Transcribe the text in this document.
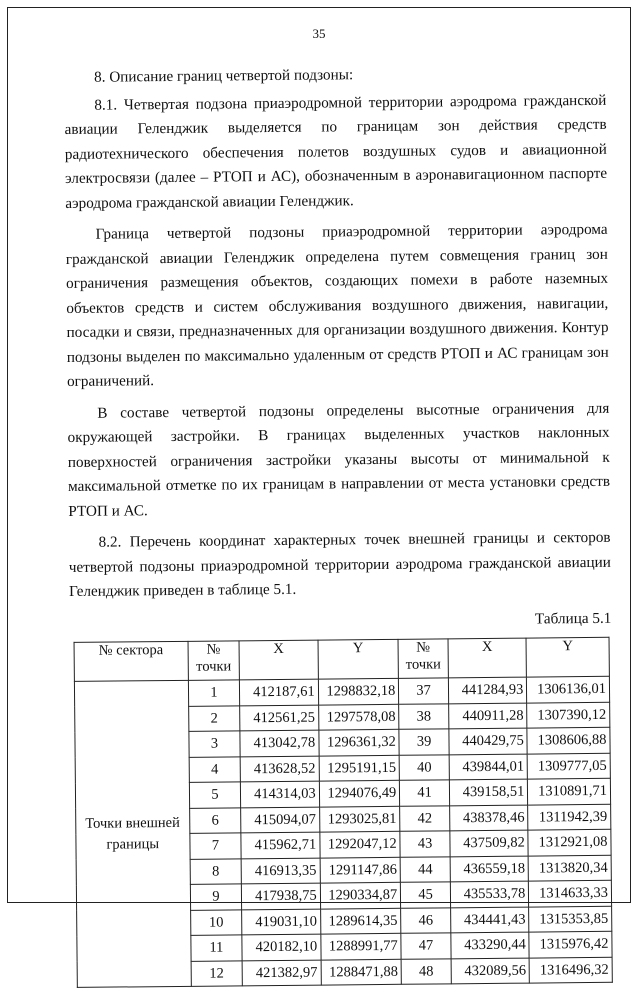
35

8. Описание границ четвертой подзоны:

8.1. Четвертая подзона приаэродромной территории аэродрома гражданской авиации Геленджик выделяется по границам зон действия средств радиотехнического обеспечения полетов воздушных судов и авиационной электросвязи (далее – РТОП и АС), обозначенным в аэронавигационном паспорте аэродрома гражданской авиации Геленджик.

Граница четвертой подзоны приаэродромной территории аэродрома гражданской авиации Геленджик определена путем совмещения границ зон ограничения размещения объектов, создающих помехи в работе наземных объектов средств и систем обслуживания воздушного движения, навигации, посадки и связи, предназначенных для организации воздушного движения. Контур подзоны выделен по максимально удаленным от средств РТОП и АС границам зон ограничений.

В составе четвертой подзоны определены высотные ограничения для окружающей застройки. В границах выделенных участков наклонных поверхностей ограничения застройки указаны высоты от минимальной к максимальной отметке по их границам в направлении от места установки средств РТОП и АС.

8.2. Перечень координат характерных точек внешней границы и секторов четвертой подзоны приаэродромной территории аэродрома гражданской авиации Геленджик приведен в таблице 5.1.

Таблица 5.1
№ сектора	№ точки	X	Y	№ точки	X	Y
Точки внешней границы	1	412187,61	1298832,18	37	441284,93	1306136,01
	2	412561,25	1297578,08	38	440911,28	1307390,12
	3	413042,78	1296361,32	39	440429,75	1308606,88
	4	413628,52	1295191,15	40	439844,01	1309777,05
	5	414314,03	1294076,49	41	439158,51	1310891,71
	6	415094,07	1293025,81	42	438378,46	1311942,39
	7	415962,71	1292047,12	43	437509,82	1312921,08
	8	416913,35	1291147,86	44	436559,18	1313820,34
	9	417938,75	1290334,87	45	435533,78	1314633,33
	10	419031,10	1289614,35	46	434441,43	1315353,85
	11	420182,10	1288991,77	47	433290,44	1315976,42
	12	421382,97	1288471,88	48	432089,56	1316496,32
